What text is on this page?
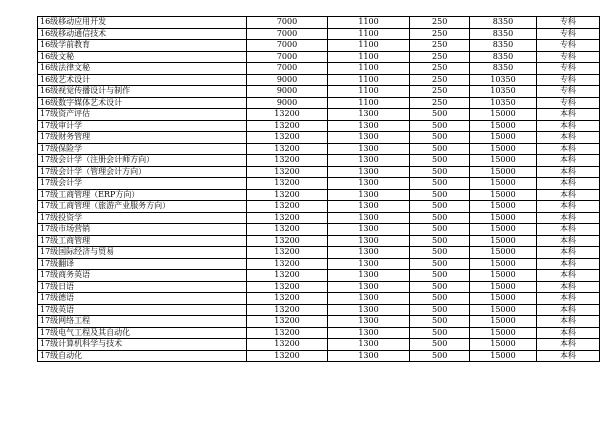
16级移动应用开发	7000	1100	250	8350	专科
16级移动通信技术	7000	1100	250	8350	专科
16级学前教育	7000	1100	250	8350	专科
16级文秘	7000	1100	250	8350	专科
16级法律文秘	7000	1100	250	8350	专科
16级艺术设计	9000	1100	250	10350	专科
16级视觉传播设计与制作	9000	1100	250	10350	专科
16级数字媒体艺术设计	9000	1100	250	10350	专科
17级资产评估	13200	1300	500	15000	本科
17级审计学	13200	1300	500	15000	本科
17级财务管理	13200	1300	500	15000	本科
17级保险学	13200	1300	500	15000	本科
17级会计学（注册会计师方向）	13200	1300	500	15000	本科
17级会计学（管理会计方向）	13200	1300	500	15000	本科
17级会计学	13200	1300	500	15000	本科
17级工商管理（ERP方向）	13200	1300	500	15000	本科
17级工商管理（旅游产业服务方向）	13200	1300	500	15000	本科
17级投资学	13200	1300	500	15000	本科
17级市场营销	13200	1300	500	15000	本科
17级工商管理	13200	1300	500	15000	本科
17级国际经济与贸易	13200	1300	500	15000	本科
17级翻译	13200	1300	500	15000	本科
17级商务英语	13200	1300	500	15000	本科
17级日语	13200	1300	500	15000	本科
17级德语	13200	1300	500	15000	本科
17级英语	13200	1300	500	15000	本科
17级网络工程	13200	1300	500	15000	本科
17级电气工程及其自动化	13200	1300	500	15000	本科
17级计算机科学与技术	13200	1300	500	15000	本科
17级自动化	13200	1300	500	15000	本科
